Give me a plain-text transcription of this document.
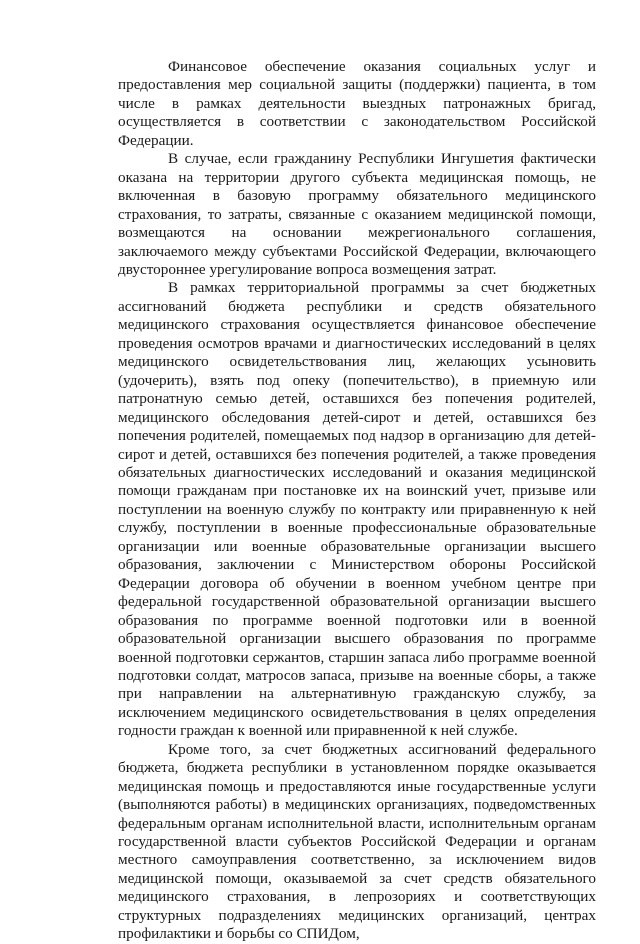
Финансовое обеспечение оказания социальных услуг и предоставления мер социальной защиты (поддержки) пациента, в том числе в рамках деятельности выездных патронажных бригад, осуществляется в соответствии с законодательством Российской Федерации.

В случае, если гражданину Республики Ингушетия фактически оказана на территории другого субъекта медицинская помощь, не включенная в базовую программу обязательного медицинского страхования, то затраты, связанные с оказанием медицинской помощи, возмещаются на основании межрегионального соглашения, заключаемого между субъектами Российской Федерации, включающего двустороннее урегулирование вопроса возмещения затрат.

В рамках территориальной программы за счет бюджетных ассигнований бюджета республики и средств обязательного медицинского страхования осуществляется финансовое обеспечение проведения осмотров врачами и диагностических исследований в целях медицинского освидетельствования лиц, желающих усыновить (удочерить), взять под опеку (попечительство), в приемную или патронатную семью детей, оставшихся без попечения родителей, медицинского обследования детей-сирот и детей, оставшихся без попечения родителей, помещаемых под надзор в организацию для детей-сирот и детей, оставшихся без попечения родителей, а также проведения обязательных диагностических исследований и оказания медицинской помощи гражданам при постановке их на воинский учет, призыве или поступлении на военную службу по контракту или приравненную к ней службу, поступлении в военные профессиональные образовательные организации или военные образовательные организации высшего образования, заключении с Министерством обороны Российской Федерации договора об обучении в военном учебном центре при федеральной государственной образовательной организации высшего образования по программе военной подготовки или в военной образовательной организации высшего образования по программе военной подготовки сержантов, старшин запаса либо программе военной подготовки солдат, матросов запаса, призыве на военные сборы, а также при направлении на альтернативную гражданскую службу, за исключением медицинского освидетельствования в целях определения годности граждан к военной или приравненной к ней службе.

Кроме того, за счет бюджетных ассигнований федерального бюджета, бюджета республики в установленном порядке оказывается медицинская помощь и предоставляются иные государственные услуги (выполняются работы) в медицинских организациях, подведомственных федеральным органам исполнительной власти, исполнительным органам государственной власти субъектов Российской Федерации и органам местного самоуправления соответственно, за исключением видов медицинской помощи, оказываемой за счет средств обязательного медицинского страхования, в лепрозориях и соответствующих структурных подразделениях медицинских организаций, центрах профилактики и борьбы со СПИДом,
